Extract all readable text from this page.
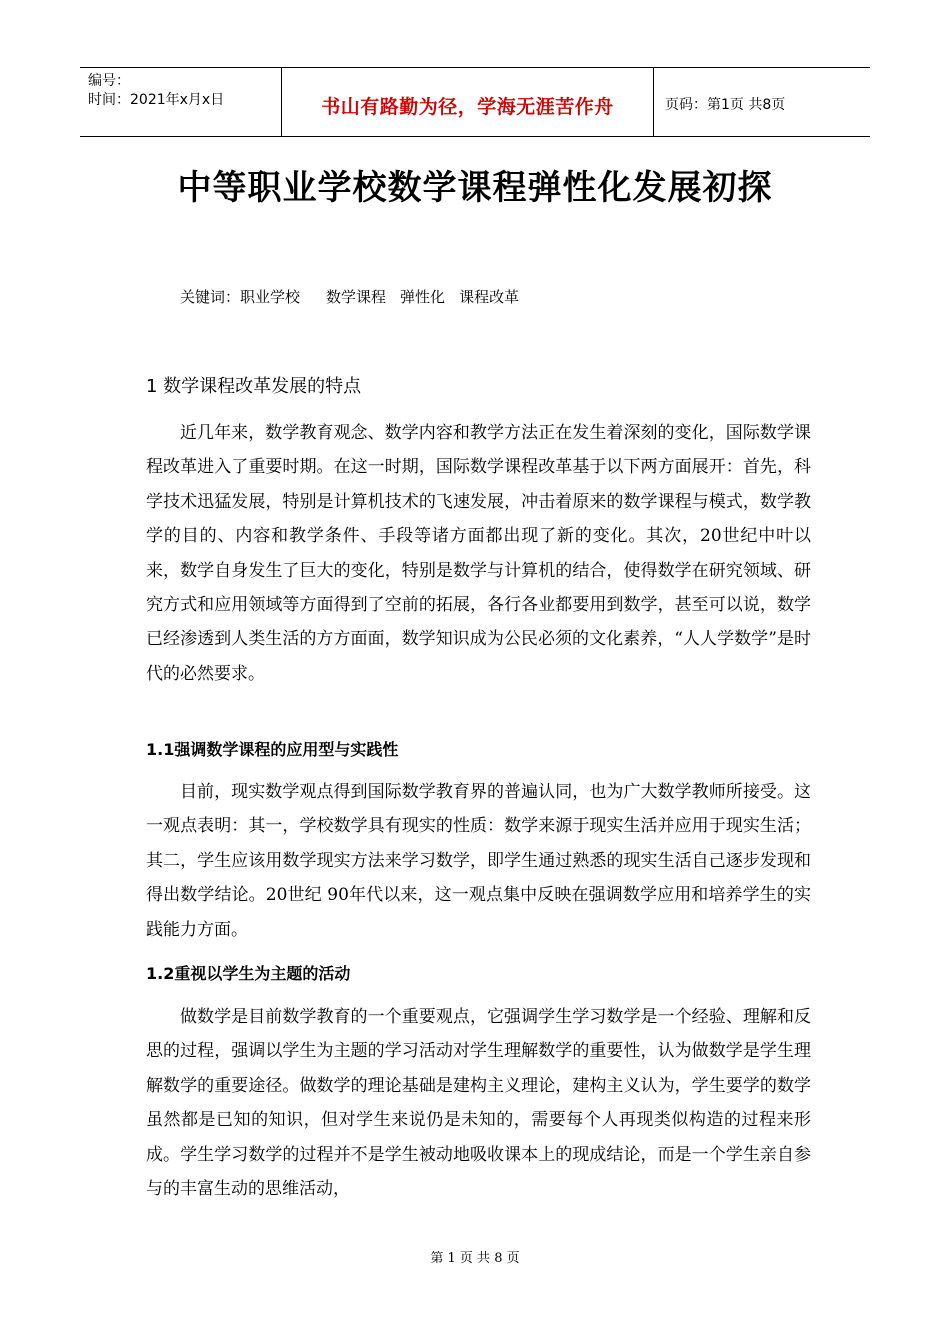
编号：
时间：2021年x月x日	书山有路勤为径，学海无涯苦作舟	页码：第1页 共8页
中等职业学校数学课程弹性化发展初探
关键词：职业学校 数学课程 弹性化 课程改革
1 数学课程改革发展的特点
近几年来，数学教育观念、数学内容和教学方法正在发生着深刻的变化，国际数学课程改革进入了重要时期。在这一时期，国际数学课程改革基于以下两方面展开：首先，科学技术迅猛发展，特别是计算机技术的飞速发展，冲击着原来的数学课程与模式，数学教学的目的、内容和教学条件、手段等诸方面都出现了新的变化。其次，20世纪中叶以来，数学自身发生了巨大的变化，特别是数学与计算机的结合，使得数学在研究领域、研究方式和应用领域等方面得到了空前的拓展，各行各业都要用到数学，甚至可以说，数学已经渗透到人类生活的方方面面，数学知识成为公民必须的文化素养，“人人学数学”是时代的必然要求。
1.1强调数学课程的应用型与实践性
目前，现实数学观点得到国际数学教育界的普遍认同，也为广大数学教师所接受。这一观点表明：其一，学校数学具有现实的性质：数学来源于现实生活并应用于现实生活；其二，学生应该用数学现实方法来学习数学，即学生通过熟悉的现实生活自己逐步发现和得出数学结论。20世纪 90年代以来，这一观点集中反映在强调数学应用和培养学生的实践能力方面。
1.2重视以学生为主题的活动
做数学是目前数学教育的一个重要观点，它强调学生学习数学是一个经验、理解和反思的过程，强调以学生为主题的学习活动对学生理解数学的重要性，认为做数学是学生理解数学的重要途径。做数学的理论基础是建构主义理论，建构主义认为，学生要学的数学虽然都是已知的知识，但对学生来说仍是未知的，需要每个人再现类似构造的过程来形成。学生学习数学的过程并不是学生被动地吸收课本上的现成结论，而是一个学生亲自参与的丰富生动的思维活动，
第 1 页 共 8 页
